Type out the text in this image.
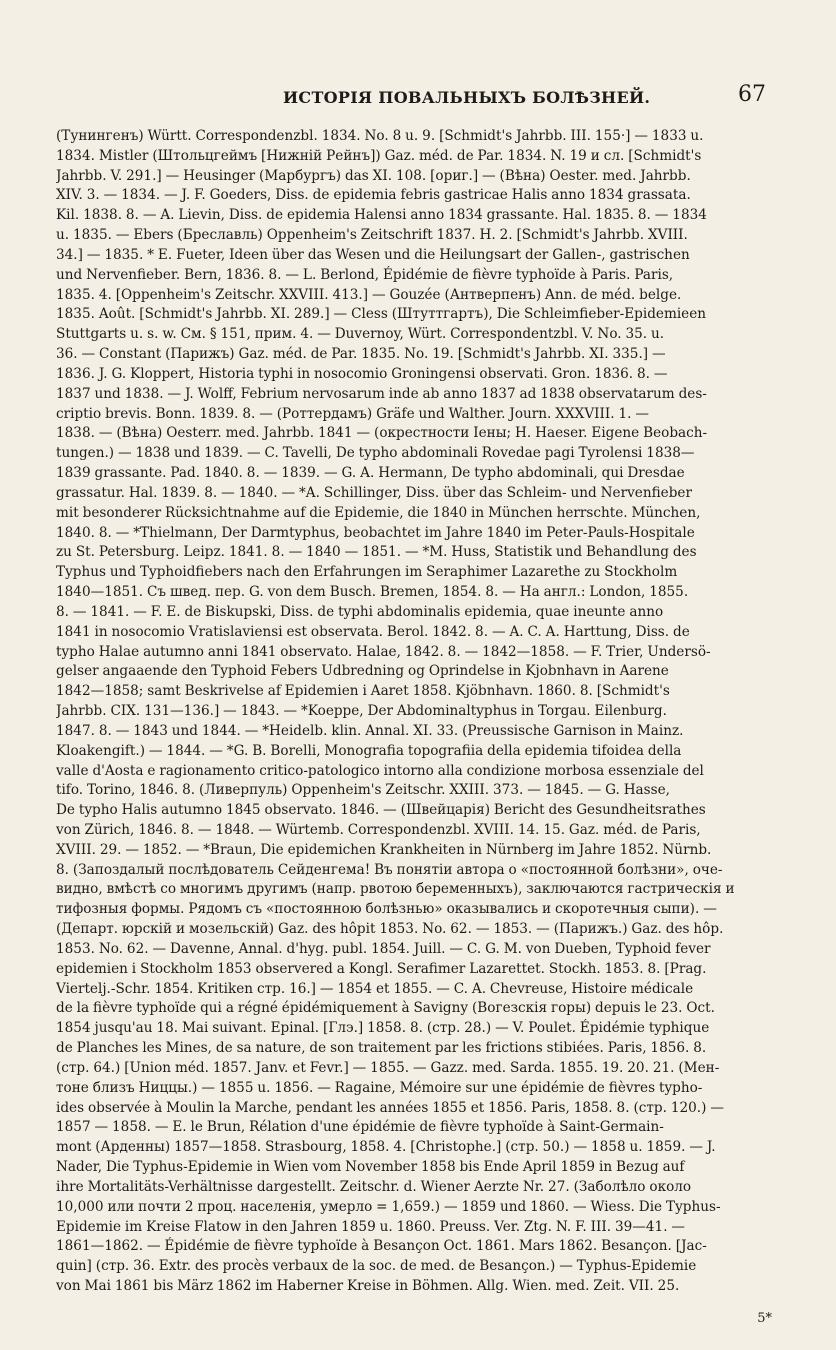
ИСТОРІЯ ПОВАЛЬНЫХЪ БОЛѢЗНЕЙ.	67
(Тунингенъ) Württ. Correspondenzbl. 1834. No. 8 u. 9. [Schmidt's Jahrbb. III. 155·] — 1833 u.
1834. Mistler (Штольцгеймъ [Нижній Рейнъ]) Gaz. méd. de Par. 1834. N. 19 и сл. [Schmidt's
Jahrbb. V. 291.] — Heusinger (Марбургъ) das XI. 108. [ориг.] — (Вѣна) Oester. med. Jahrbb.
XIV. 3. — 1834. — J. F. Goeders, Diss. de epidemia febris gastricae Halis anno 1834 grassata.
Kil. 1838. 8. — A. Lievin, Diss. de epidemia Halensi anno 1834 grassante. Hal. 1835. 8. — 1834
u. 1835. — Ebers (Бреславль) Oppenheim's Zeitschrift 1837. H. 2. [Schmidt's Jahrbb. XVIII.
34.] — 1835. * E. Fueter, Ideen über das Wesen und die Heilungsart der Gallen-, gastrischen
und Nervenfieber. Bern, 1836. 8. — L. Berlond, Épidémie de fièvre typhoïde à Paris. Paris,
1835. 4. [Oppenheim's Zeitschr. XXVIII. 413.] — Gouzée (Антверпенъ) Ann. de méd. belge.
1835. Août. [Schmidt's Jahrbb. XI. 289.] — Cless (Штуттгартъ), Die Schleimfieber-Epidemieen
Stuttgarts u. s. w. См. § 151, прим. 4. — Duvernoy, Würt. Correspondentzbl. V. No. 35. u.
36. — Constant (Парижъ) Gaz. méd. de Par. 1835. No. 19. [Schmidt's Jahrbb. XI. 335.] —
1836. J. G. Kloppert, Historia typhi in nosocomio Groningensi observati. Gron. 1836. 8. —
1837 und 1838. — J. Wolff, Febrium nervosarum inde ab anno 1837 ad 1838 observatarum des-
criptio brevis. Bonn. 1839. 8. — (Роттердамъ) Gräfe und Walther. Journ. XXXVIII. 1. —
1838. — (Вѣна) Oesterr. med. Jahrbb. 1841 — (окрестности Іены; H. Haeser. Eigene Beobach-
tungen.) — 1838 und 1839. — C. Tavelli, De typho abdominali Rovedae pagi Tyrolensi 1838—
1839 grassante. Pad. 1840. 8. — 1839. — G. A. Hermann, De typho abdominali, qui Dresdae
grassatur. Hal. 1839. 8. — 1840. — *A. Schillinger, Diss. über das Schleim- und Nervenfieber
mit besonderer Rücksichtnahme auf die Epidemie, die 1840 in München herrschte. München,
1840. 8. — *Thielmann, Der Darmtyphus, beobachtet im Jahre 1840 im Peter-Pauls-Hospitale
zu St. Petersburg. Leipz. 1841. 8. — 1840 — 1851. — *M. Huss, Statistik und Behandlung des
Typhus und Typhoidfiebers nach den Erfahrungen im Seraphimer Lazarethe zu Stockholm
1840—1851. Съ швед. пер. G. von dem Busch. Bremen, 1854. 8. — На англ.: London, 1855.
8. — 1841. — F. E. de Biskupski, Diss. de typhi abdominalis epidemia, quae ineunte anno
1841 in nosocomio Vratislaviensi est observata. Berol. 1842. 8. — A. C. A. Harttung, Diss. de
typho Halae autumno anni 1841 observato. Halae, 1842. 8. — 1842—1858. — F. Trier, Undersö-
gelser angaaende den Typhoid Febers Udbredning og Oprindelse in Kjobnhavn in Aarene
1842—1858; samt Beskrivelse af Epidemien i Aaret 1858. Kjöbnhavn. 1860. 8. [Schmidt's
Jahrbb. CIX. 131—136.] — 1843. — *Koeppe, Der Abdominaltyphus in Torgau. Eilenburg.
1847. 8. — 1843 und 1844. — *Heidelb. klin. Annal. XI. 33. (Preussische Garnison in Mainz.
Kloakengift.) — 1844. — *G. B. Borelli, Monografia topografiia della epidemia tifoidea della
valle d'Aosta e ragionamento critico-patologico intorno alla condizione morbosa essenziale del
tifo. Torino, 1846. 8. (Ливерпуль) Oppenheim's Zeitschr. XXIII. 373. — 1845. — G. Hasse,
De typho Halis autumno 1845 observato. 1846. — (Швейцарія) Bericht des Gesundheitsrathes
von Zürich, 1846. 8. — 1848. — Würtemb. Correspondenzbl. XVIII. 14. 15. Gaz. méd. de Paris,
XVIII. 29. — 1852. — *Braun, Die epidemichen Krankheiten in Nürnberg im Jahre 1852. Nürnb.
8. (Запоздалый послѣдователь Сейденгема! Въ понятіи автора о «постоянной болѣзни», оче-
видно, вмѣстѣ со многимъ другимъ (напр. рвотою беременныхъ), заключаются гастрическія и
тифозныя формы. Рядомъ съ «постоянною болѣзнью» оказывались и скоротечныя сыпи). —
(Департ. юрскій и мозельскій) Gaz. des hôpit 1853. No. 62. — 1853. — (Парижъ.) Gaz. des hôp.
1853. No. 62. — Davenne, Annal. d'hyg. publ. 1854. Juill. — C. G. M. von Dueben, Typhoid fever
epidemien i Stockholm 1853 observered a Kongl. Serafimer Lazarettet. Stockh. 1853. 8. [Prag.
Viertelj.-Schr. 1854. Kritiken стр. 16.] — 1854 et 1855. — C. A. Chevreuse, Histoire médicale
de la fièvre typhoïde qui a régné épidémiquement à Savigny (Вогезскія горы) depuis le 23. Oct.
1854 jusqu'au 18. Mai suivant. Epinal. [Глэ.] 1858. 8. (стр. 28.) — V. Poulet. Épidémie typhique
de Planches les Mines, de sa nature, de son traitement par les frictions stibiées. Paris, 1856. 8.
(стр. 64.) [Union méd. 1857. Janv. et Fevr.] — 1855. — Gazz. med. Sarda. 1855. 19. 20. 21. (Мен-
тоне близъ Ниццы.) — 1855 u. 1856. — Ragaine, Mémoire sur une épidémie de fièvres typho-
ides observée à Moulin la Marche, pendant les années 1855 et 1856. Paris, 1858. 8. (стр. 120.) —
1857 — 1858. — E. le Brun, Rélation d'une épidémie de fièvre typhoïde à Saint-Germain-
mont (Арденны) 1857—1858. Strasbourg, 1858. 4. [Christophe.] (стр. 50.) — 1858 u. 1859. — J.
Nader, Die Typhus-Epidemie in Wien vom November 1858 bis Ende April 1859 in Bezug auf
ihre Mortalitäts-Verhältnisse dargestellt. Zeitschr. d. Wiener Aerzte Nr. 27. (Заболѣло около
10,000 или почти 2 проц. населенія, умерло = 1,659.) — 1859 und 1860. — Wiess. Die Typhus-
Epidemie im Kreise Flatow in den Jahren 1859 u. 1860. Preuss. Ver. Ztg. N. F. III. 39—41. —
1861—1862. — Épidémie de fièvre typhoïde à Besançon Oct. 1861. Mars 1862. Besançon. [Jac-
quin] (стр. 36. Extr. des procès verbaux de la soc. de med. de Besançon.) — Typhus-Epidemie
von Mai 1861 bis März 1862 im Haberner Kreise in Böhmen. Allg. Wien. med. Zeit. VII. 25.
5*
